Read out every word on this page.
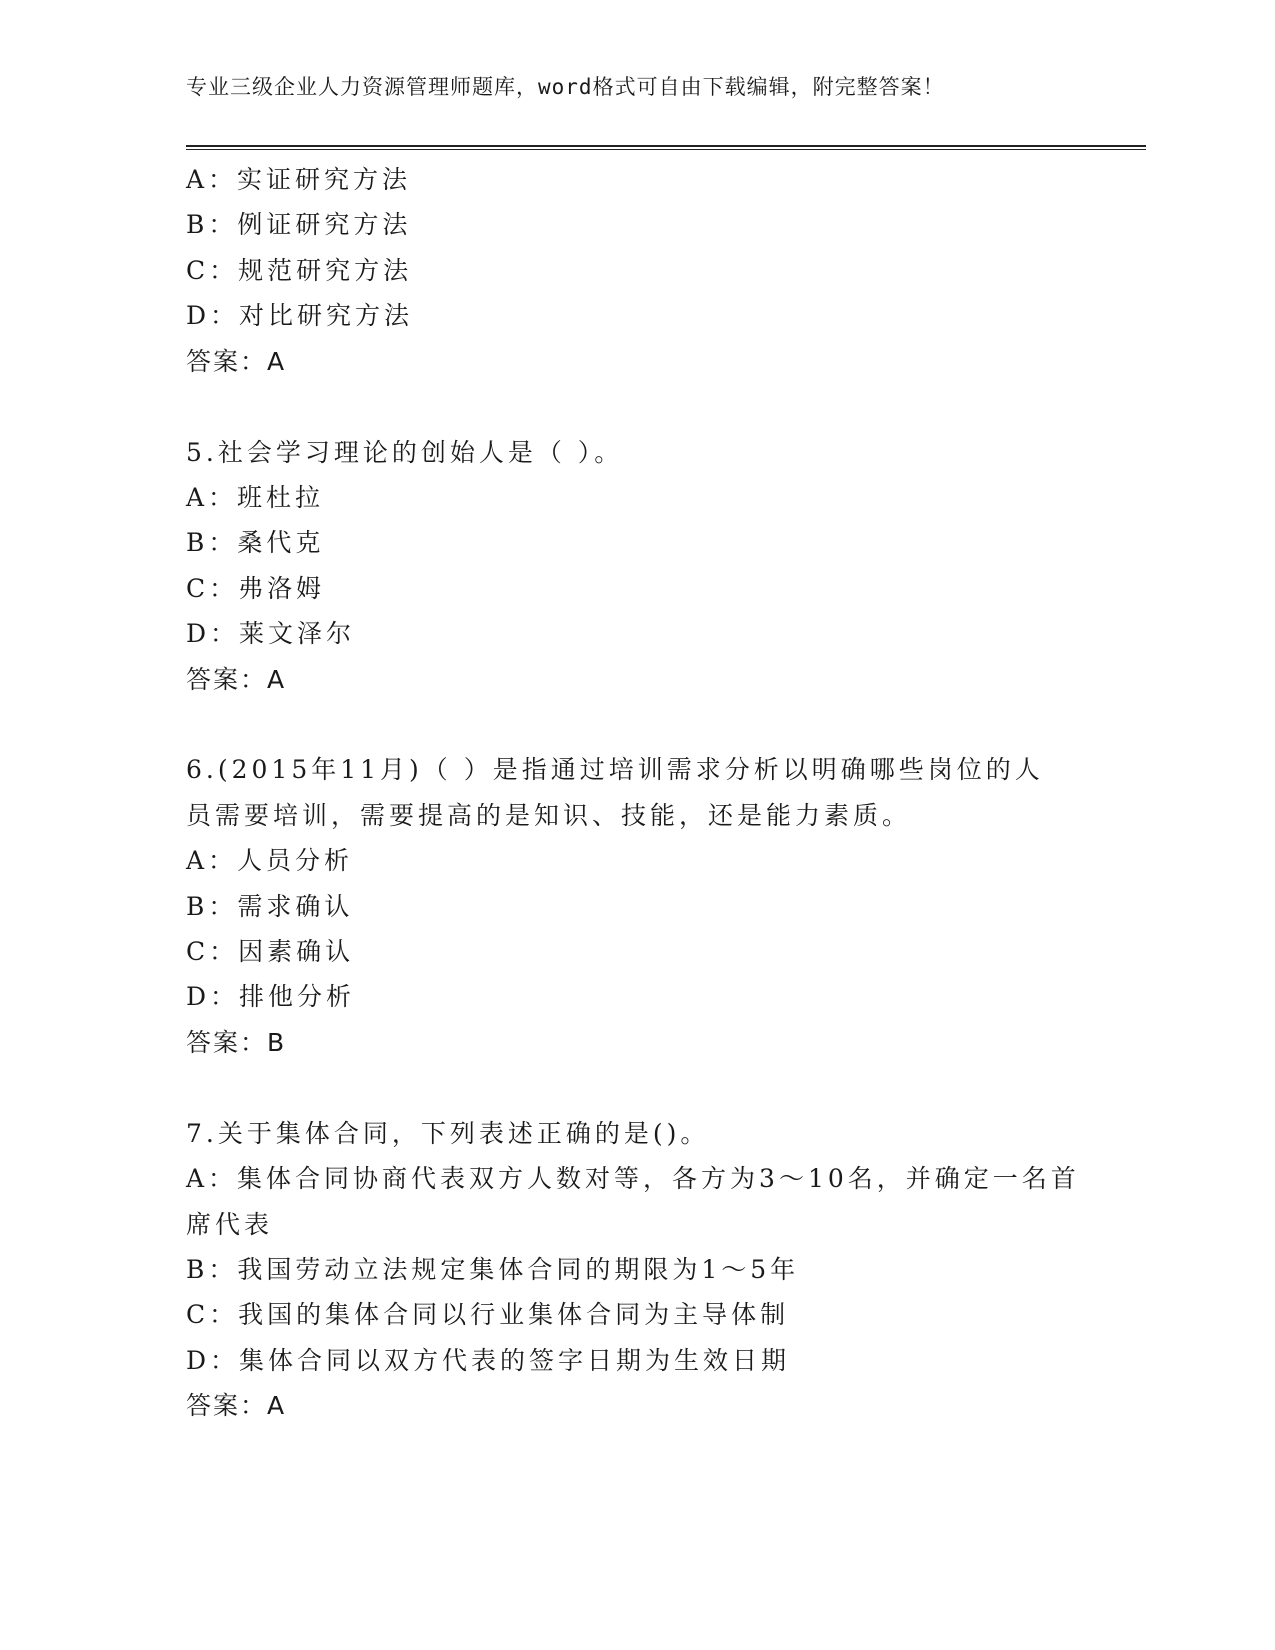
专业三级企业人力资源管理师题库，word格式可自由下载编辑，附完整答案！
A：实证研究方法
B：例证研究方法
C：规范研究方法
D：对比研究方法
答案：A
5.社会学习理论的创始人是（ ）。
A：班杜拉
B：桑代克
C：弗洛姆
D：莱文泽尔
答案：A
6.(2015年11月)（ ）是指通过培训需求分析以明确哪些岗位的人
员需要培训，需要提高的是知识、技能，还是能力素质。
A：人员分析
B：需求确认
C：因素确认
D：排他分析
答案：B
7.关于集体合同，下列表述正确的是()。
A：集体合同协商代表双方人数对等，各方为3～10名，并确定一名首
席代表
B：我国劳动立法规定集体合同的期限为1～5年
C：我国的集体合同以行业集体合同为主导体制
D：集体合同以双方代表的签字日期为生效日期
答案：A
